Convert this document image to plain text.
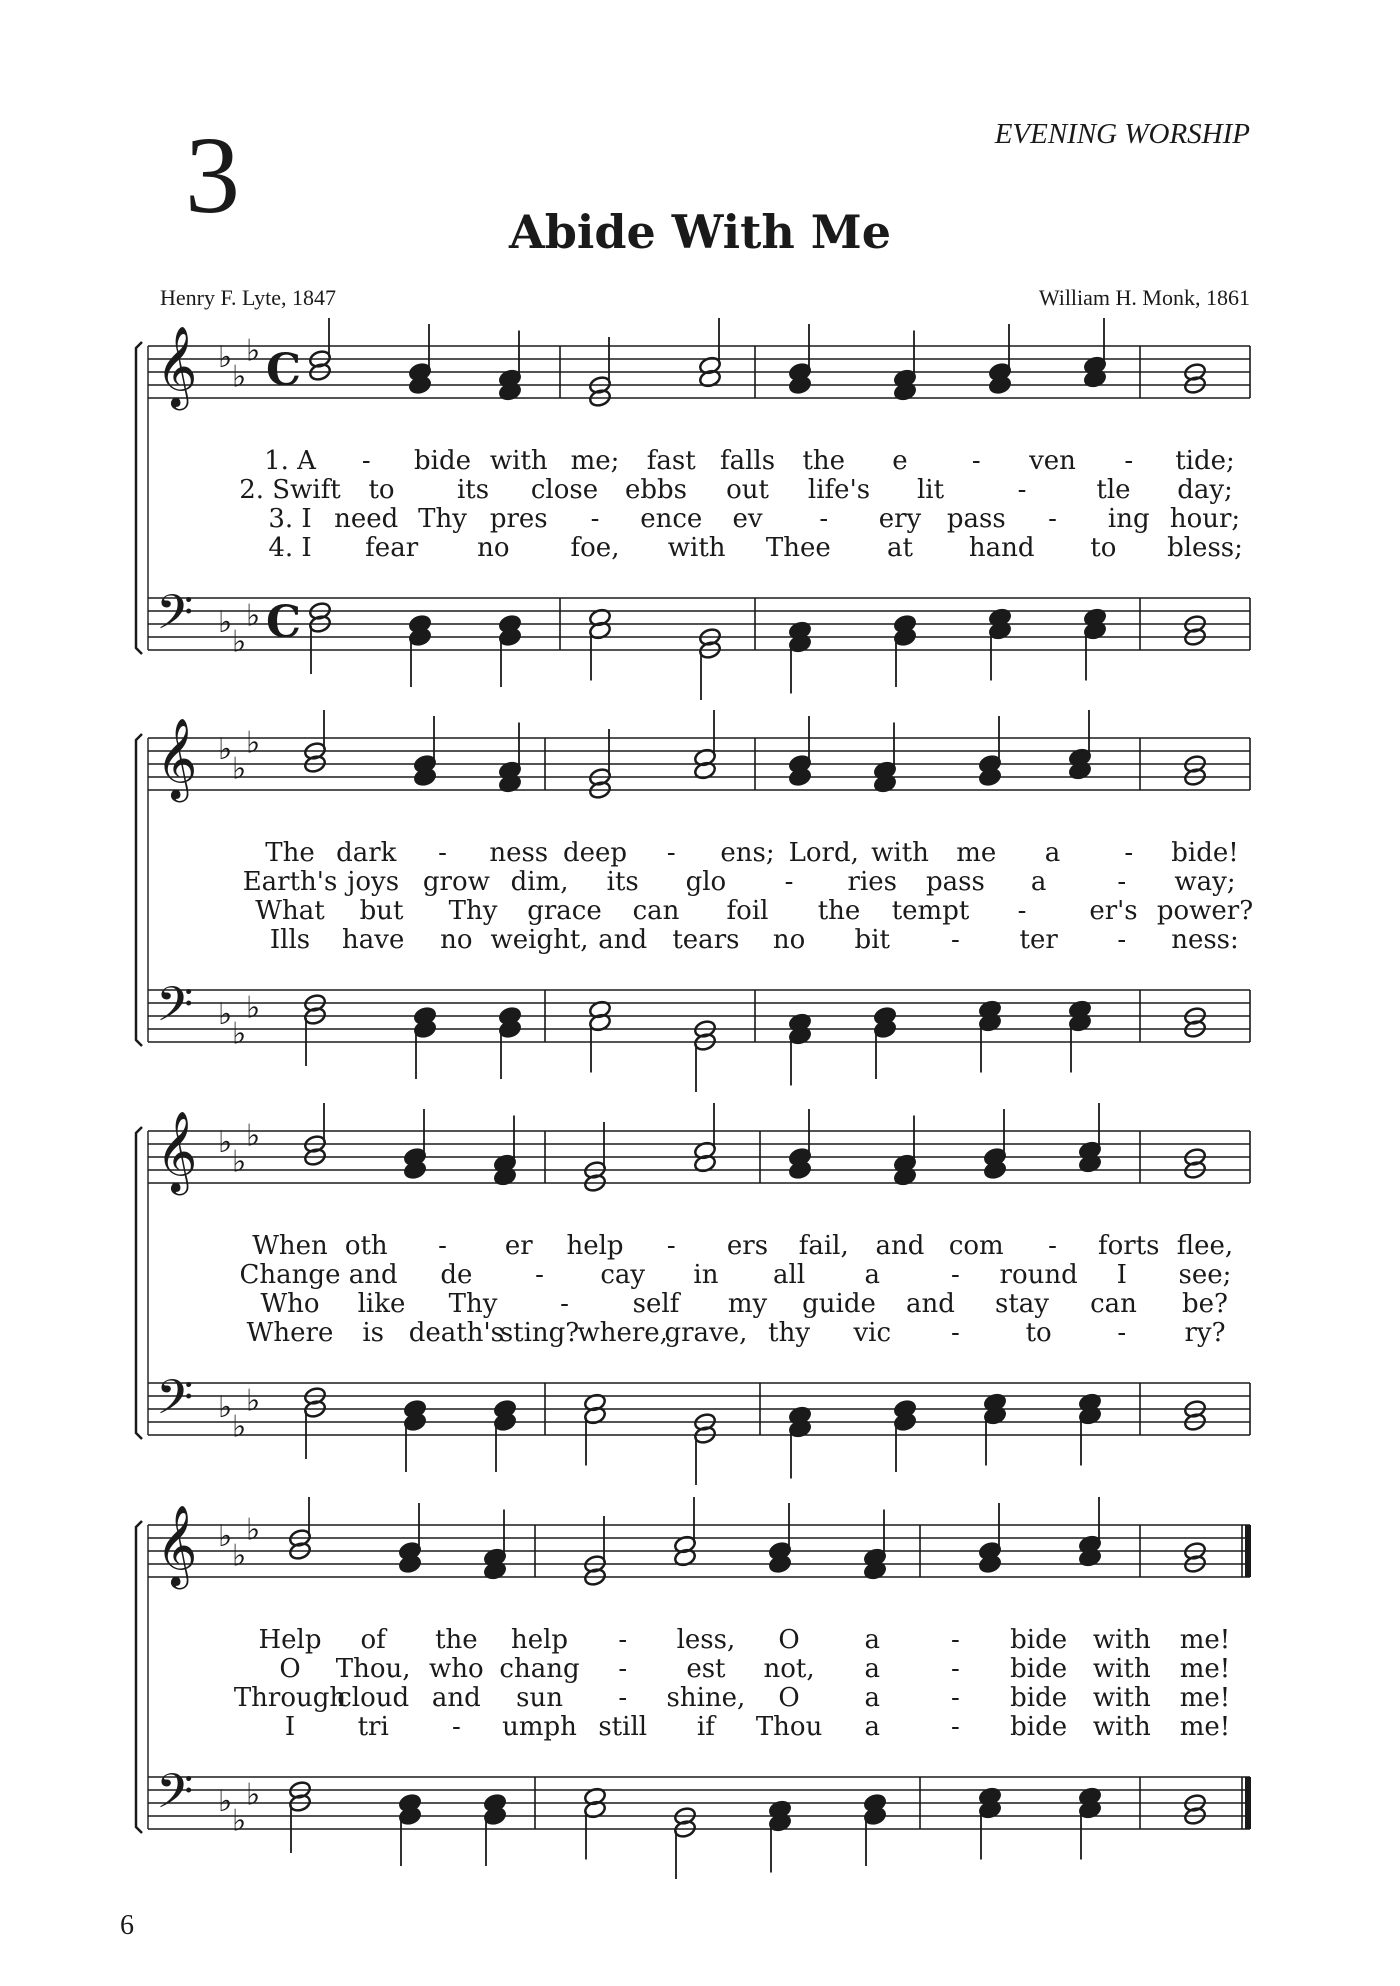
3	EVENING WORSHIP
Abide With Me
Henry F. Lyte, 1847	William H. Monk, 1861
𝄞
𝄢
♭
♭
♭
♭
♭
♭
C
C
1. A - bide with me; fast falls the e - ven - tide;
2. Swift to its close ebbs out life's lit	-	tle day;
3. I need Thy pres - ence ev - ery pass - ing hour;
4. I fear no foe, with Thee at hand to bless;
𝄞
𝄢
♭
♭
♭
♭
♭
♭
The dark - ness deep - ens; Lord, with me a - bide!
Earth's joys grow dim, its glo - ries pass a	- way;
What but Thy grace can foil the tempt - er's power?
Ills have no weight, and tears no bit - ter - ness:
𝄞
𝄢
♭
♭
♭
♭
♭
♭
When oth - er help - ers fail, and com - forts flee,
Change and de - cay in all a	- round I see;
Who like Thy - self my guide and stay can be?
Where is death's
sting?
where,
grave, thy vic -	to	- ry?
𝄞
𝄢
♭
♭
♭
♭
♭
♭
Help of the help - less, O a	- bide with me!
O Thou, who chang - est not, a	- bide with me!
Through
cloud and sun - shine, O a	- bide with me!
I tri - umph still if Thou a	- bide with me!
6
